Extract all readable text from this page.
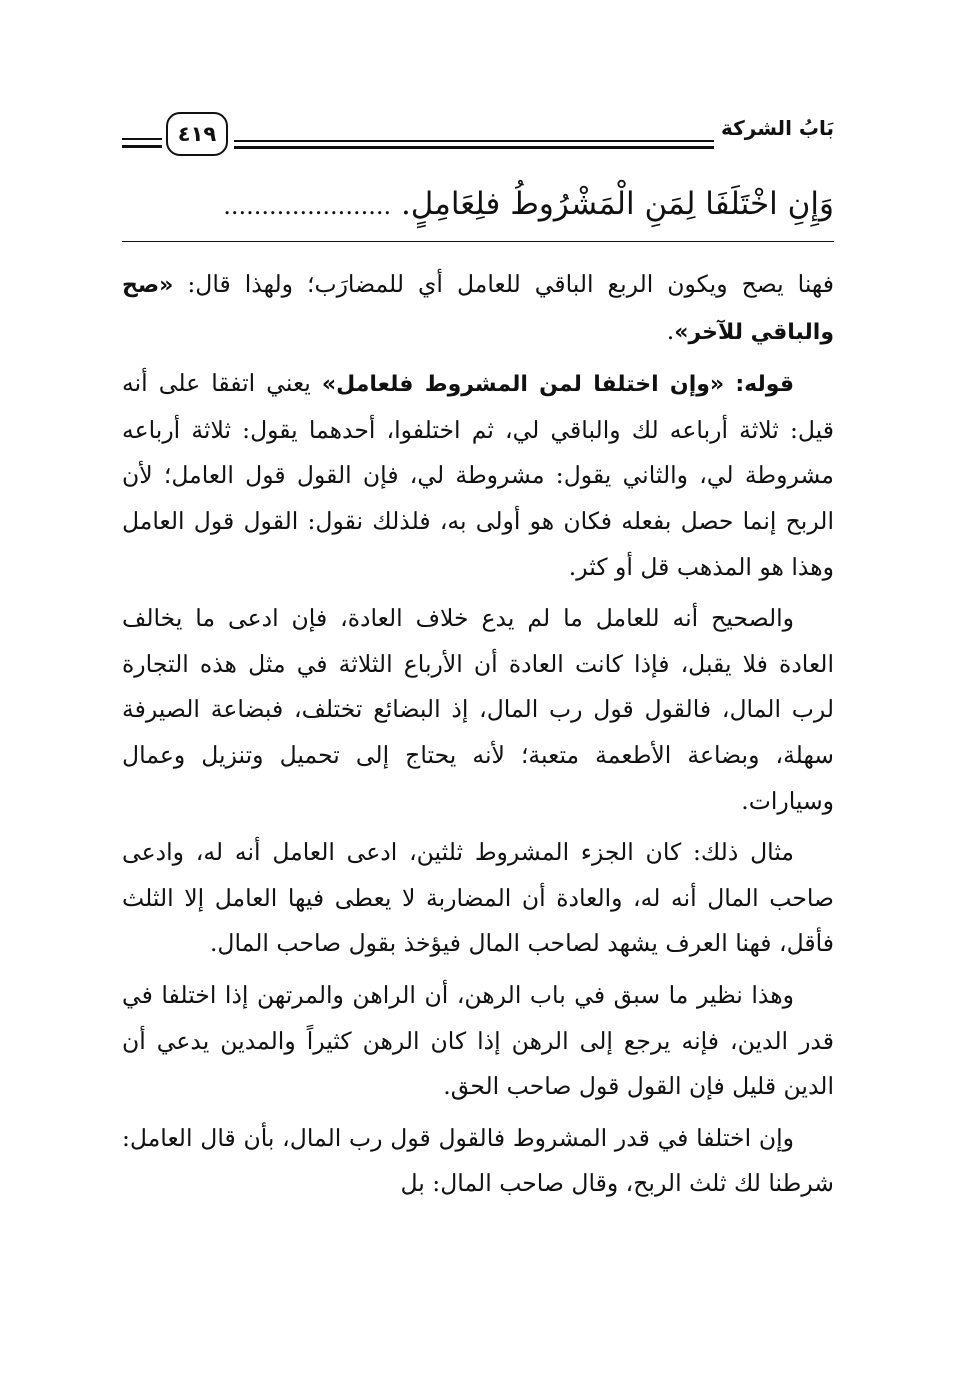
بَابُ الشركة
٤١٩
وَإِنِ اخْتَلَفَا لِمَنِ الْمَشْرُوطُ فلِعَامِلٍ. ......................

فهنا يصح ويكون الربع الباقي للعامل أي للمضارَب؛ ولهذا قال: «صح والباقي للآخر».

قوله: «وإن اختلفا لمن المشروط فلعامل» يعني اتفقا على أنه قيل: ثلاثة أرباعه لك والباقي لي، ثم اختلفوا، أحدهما يقول: ثلاثة أرباعه مشروطة لي، والثاني يقول: مشروطة لي، فإن القول قول العامل؛ لأن الربح إنما حصل بفعله فكان هو أولى به، فلذلك نقول: القول قول العامل وهذا هو المذهب قل أو كثر.

والصحيح أنه للعامل ما لم يدع خلاف العادة، فإن ادعى ما يخالف العادة فلا يقبل، فإذا كانت العادة أن الأرباع الثلاثة في مثل هذه التجارة لرب المال، فالقول قول رب المال، إذ البضائع تختلف، فبضاعة الصيرفة سهلة، وبضاعة الأطعمة متعبة؛ لأنه يحتاج إلى تحميل وتنزيل وعمال وسيارات.

مثال ذلك: كان الجزء المشروط ثلثين، ادعى العامل أنه له، وادعى صاحب المال أنه له، والعادة أن المضاربة لا يعطى فيها العامل إلا الثلث فأقل، فهنا العرف يشهد لصاحب المال فيؤخذ بقول صاحب المال.

وهذا نظير ما سبق في باب الرهن، أن الراهن والمرتهن إذا اختلفا في قدر الدين، فإنه يرجع إلى الرهن إذا كان الرهن كثيراً والمدين يدعي أن الدين قليل فإن القول قول صاحب الحق.

وإن اختلفا في قدر المشروط فالقول قول رب المال، بأن قال العامل: شرطنا لك ثلث الربح، وقال صاحب المال: بل
